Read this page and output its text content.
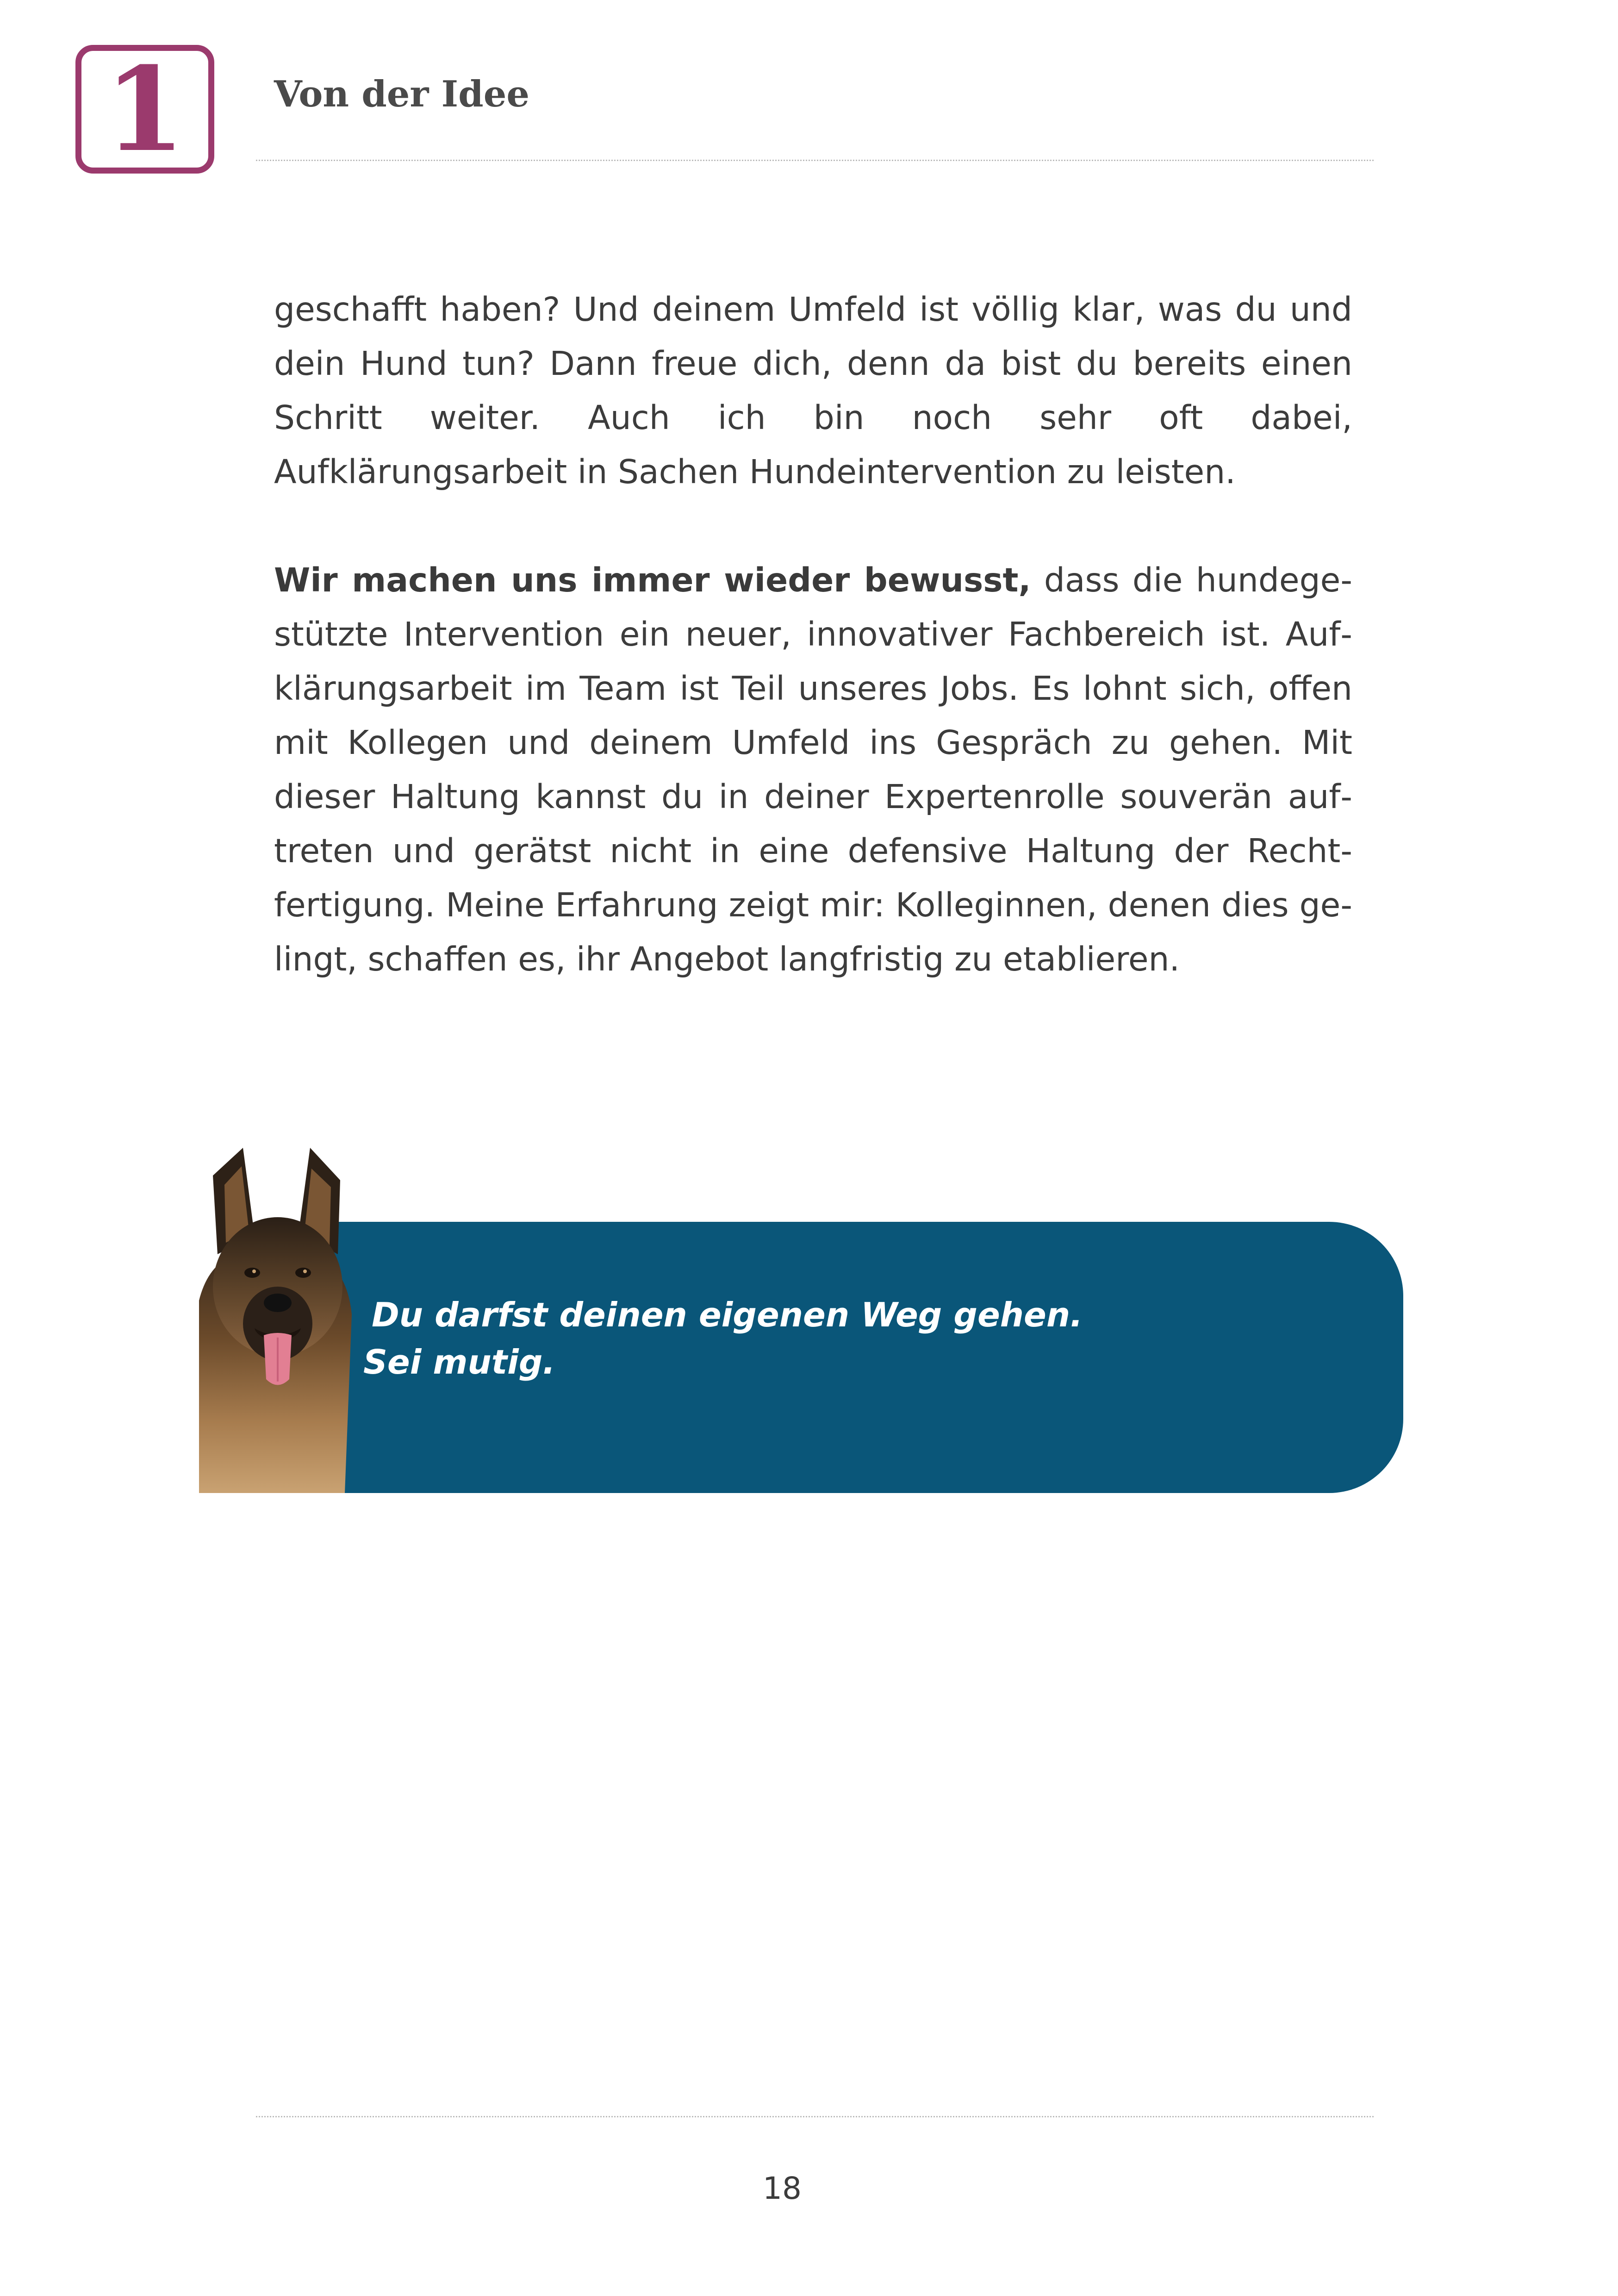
1 Von der Idee

geschafft haben? Und deinem Umfeld ist völlig klar, was du und dein Hund tun? Dann freue dich, denn da bist du bereits einen Schritt weiter. Auch ich bin noch sehr oft dabei, Aufklärungsarbeit in Sachen Hundeintervention zu leisten.

Wir machen uns immer wieder bewusst, dass die hundegestützte Intervention ein neuer, innovativer Fachbereich ist. Aufklärungsarbeit im Team ist Teil unseres Jobs. Es lohnt sich, offen mit Kollegen und deinem Umfeld ins Gespräch zu gehen. Mit dieser Haltung kannst du in deiner Expertenrolle souverän auftreten und gerätst nicht in eine defensive Haltung der Rechtfertigung. Meine Erfahrung zeigt mir: Kolleginnen, denen dies gelingt, schaffen es, ihr Angebot langfristig zu etablieren.

Du darfst deinen eigenen Weg gehen.
Sei mutig.
18
